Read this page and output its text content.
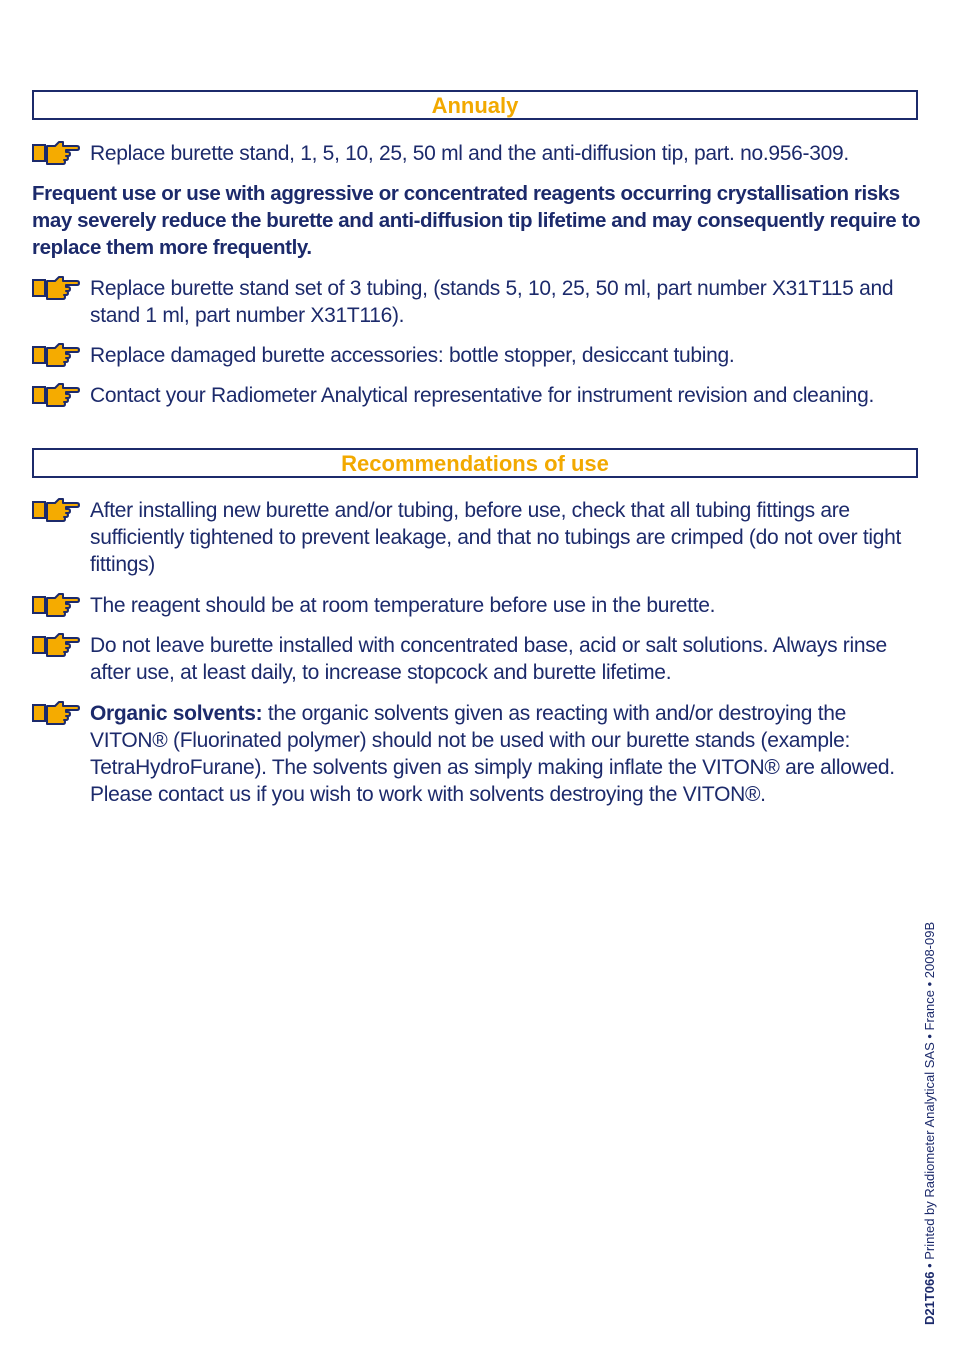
Annualy
Replace burette stand, 1, 5, 10, 25, 50 ml and the anti-diffusion tip, part. no.956-309.
Frequent use or use with aggressive or concentrated reagents occurring crystallisation risks may severely reduce the burette and anti-diffusion tip lifetime and may consequently require to replace them more frequently.
Replace burette stand set of 3 tubing, (stands 5, 10, 25, 50 ml, part number X31T115 and stand 1 ml, part number X31T116).
Replace damaged burette accessories: bottle stopper, desiccant tubing.
Contact your Radiometer Analytical representative for instrument revision and cleaning.
Recommendations of use
After installing new burette and/or tubing, before use, check that all tubing fittings are sufficiently tightened to prevent leakage, and that no tubings are crimped (do not over tight fittings)
The reagent should be at room temperature before use in the burette.
Do not leave burette installed with concentrated base, acid or salt solutions. Always rinse after use, at least daily, to increase stopcock and burette lifetime.
Organic solvents: the organic solvents given as reacting with and/or destroying the VITON® (Fluorinated polymer) should not be used with our burette stands (example: TetraHydroFurane). The solvents given as simply making inflate the VITON® are allowed. Please contact us if you wish to work with solvents destroying the VITON®.
D21T066 • Printed by Radiometer Analytical SAS • France • 2008-09B
